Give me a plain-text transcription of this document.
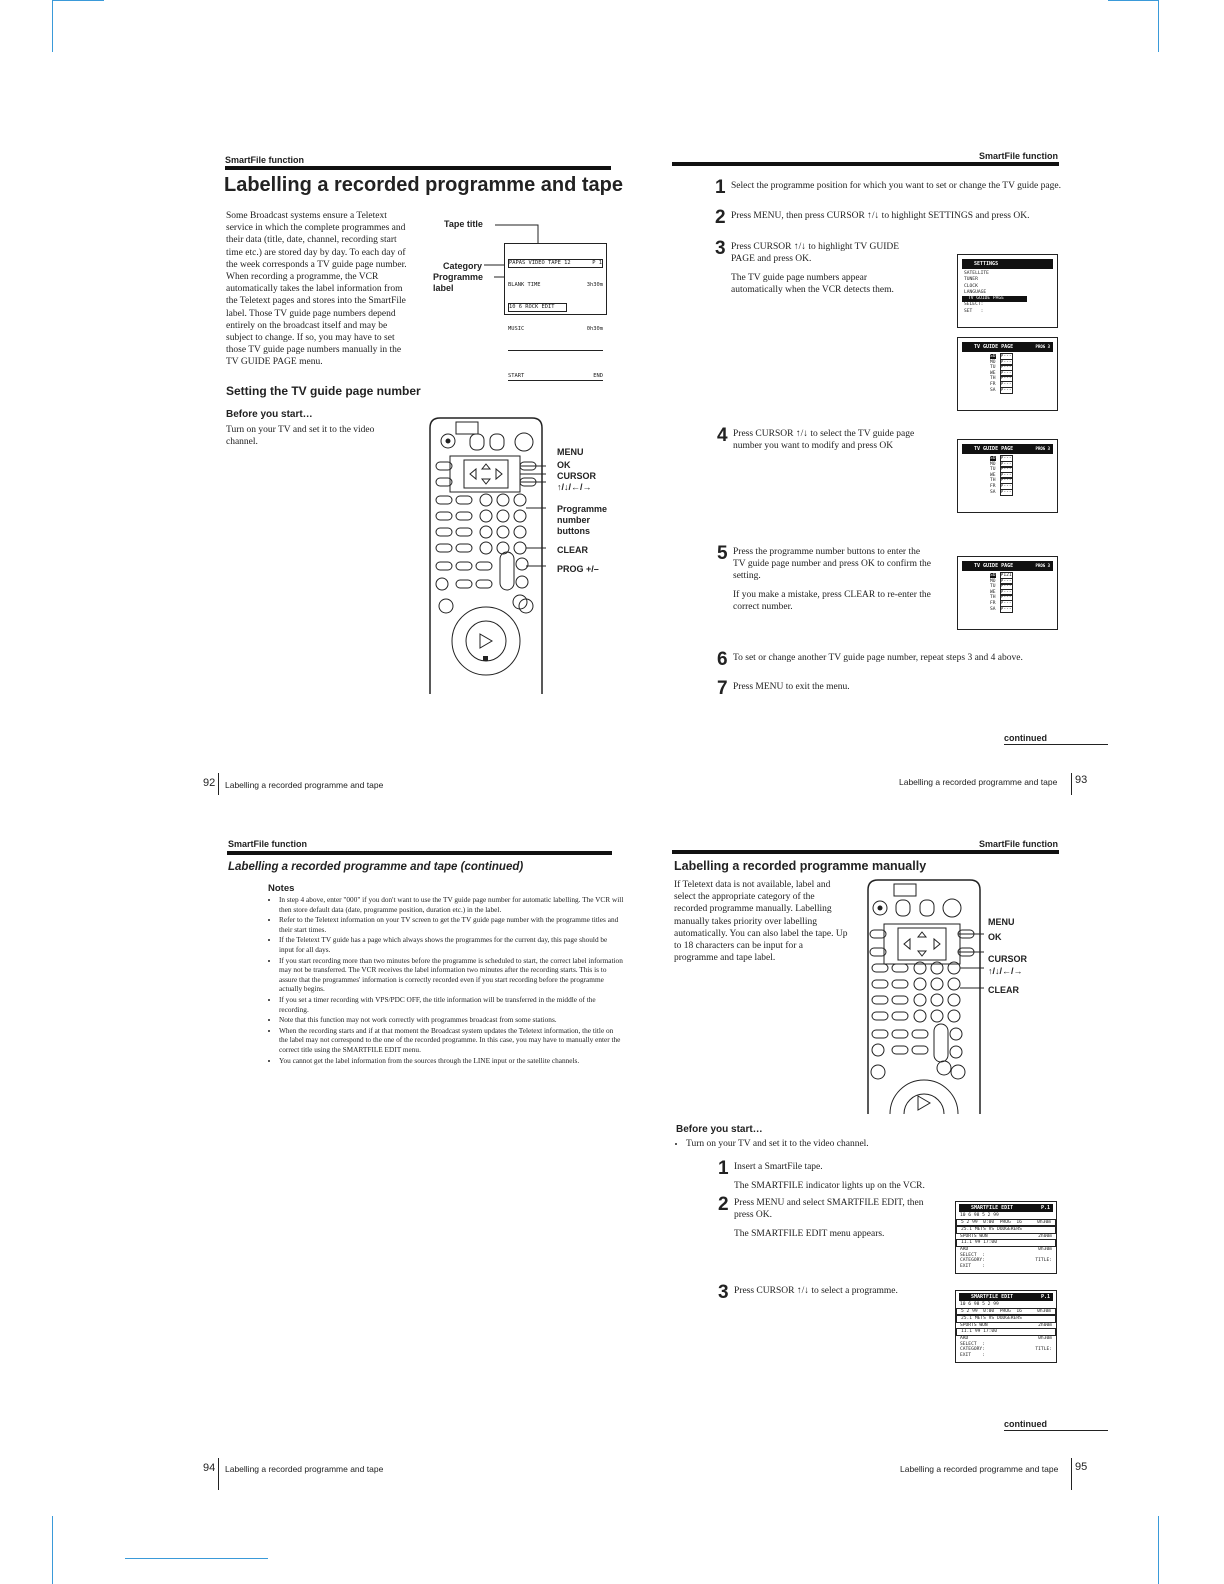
SmartFile function
Labelling a recorded programme and tape
Some Broadcast systems ensure a Teletext service in which the complete programmes and their data (title, date, channel, recording start time etc.) are stored day by day. To each day of the week corresponds a TV guide page number. When recording a programme, the VCR automatically takes the label information from the Teletext pages and stores into the SmartFile label. Those TV guide page numbers depend entirely on the broadcast itself and may be subject to change. If so, you may have to set those TV guide page numbers manually in the TV GUIDE PAGE menu.
Tape title
Category
Programme label

PAPAS VIDEO TAPE 12	P 1

BLANK TIME	3h30m

10 6 ROCK EDIT

MUSIC	0h30m

START	END

Setting the TV guide page number
Before you start…
Turn on your TV and set it to the video channel.
MENU
OK
CURSOR
↑/↓/←/→
Programme number buttons
CLEAR
PROG +/–
92 Labelling a recorded programme and tape
SmartFile function
1 Select the programme position for which you want to set or change the TV guide page.

2 Press MENU, then press CURSOR ↑/↓ to highlight SETTINGS and press OK.

3 Press CURSOR ↑/↓ to highlight TV GUIDE PAGE and press OK.

The TV guide page numbers appear automatically when the VCR detects them.

4 Press CURSOR ↑/↓ to select the TV guide page number you want to modify and press OK

5 Press the programme number buttons to enter the TV guide page number and press OK to confirm the setting.

If you make a mistake, press CLEAR to re-enter the correct number.

6 To set or change another TV guide page number, repeat steps 3 and 4 above.

7 Press MENU to exit the menu.

SETTINGS
SATELLITE
TUNER
CLOCK
LANGUAGE
TV GUIDE PAGE
SELECT:
SET   :
TV GUIDE PAGE	PROG 3
SU P---
MO P---
TU P---
WE P---
TH P---
FR P---
SA P---
TV GUIDE PAGE	PROG 3
SU P---
MO P---
TU P---
WE P---
TH P---
FR P---
SA P---
TV GUIDE PAGE	PROG 3
SU P121
MO P---
TU P---
WE P---
TH P---
FR P---
SA P---
continued
Labelling a recorded programme and tape 93
SmartFile function
Labelling a recorded programme and tape (continued)
Notes
• In step 4 above, enter "000" if you don't want to use the TV guide page number for automatic labelling. The VCR will then store default data (date, programme position, duration etc.) in the label.
• Refer to the Teletext information on your TV screen to get the TV guide page number with the programme titles and their start times.
• If the Teletext TV guide has a page which always shows the programmes for the current day, this page should be input for all days.
• If you start recording more than two minutes before the programme is scheduled to start, the correct label information may not be transferred. The VCR receives the label information two minutes after the recording starts. This is to assure that the programmes' information is correctly recorded even if you start recording before the programme actually begins.
• If you set a timer recording with VPS/PDC OFF, the title information will be transferred in the middle of the recording.
• Note that this function may not work correctly with programmes broadcast from some stations.
• When the recording starts and if at that moment the Broadcast system updates the Teletext information, the title on the label may not correspond to the one of the recorded programme. In this case, you may have to manually enter the correct title using the SMARTFILE EDIT menu.
• You cannot get the label information from the sources through the LINE input or the satellite channels.
94 Labelling a recorded programme and tape
SmartFile function
Labelling a recorded programme manually
If Teletext data is not available, label and select the appropriate category of the recorded programme manually. Labelling manually takes priority over labelling automatically. You can also label the tape. Up to 18 characters can be input for a programme and tape label.
MENU
OK
CURSOR
↑/↓/←/→
CLEAR
Before you start…
• Turn on your TV and set it to the video channel.
1 Insert a SmartFile tape.

The SMARTFILE indicator lights up on the VCR.

2 Press MENU and select SMARTFILE EDIT, then press OK.

The SMARTFILE EDIT menu appears.

3 Press CURSOR ↑/↓ to select a programme.

SMARTFILE EDIT	P.1
10 6 98 5 2 99
5 2 99  0:00  PROG  16	0h30m
25.1 METS VS DODGERERS
SPORTS WON	2h00m
11.1 99 17:00
ARD	0h30m
SELECT  :
CATEGORY:	TITLE:
EXIT    :
SMARTFILE EDIT	P.1
10 6 98 5 2 99
5 2 99  0:00  PROG  16	0h30m
25.1 METS VS DODGERERS
SPORTS WON	2h00m
11.1 99 17:00
ARD	0h30m
SELECT  :
CATEGORY:	TITLE:
EXIT    :
continued
Labelling a recorded programme and tape 95
